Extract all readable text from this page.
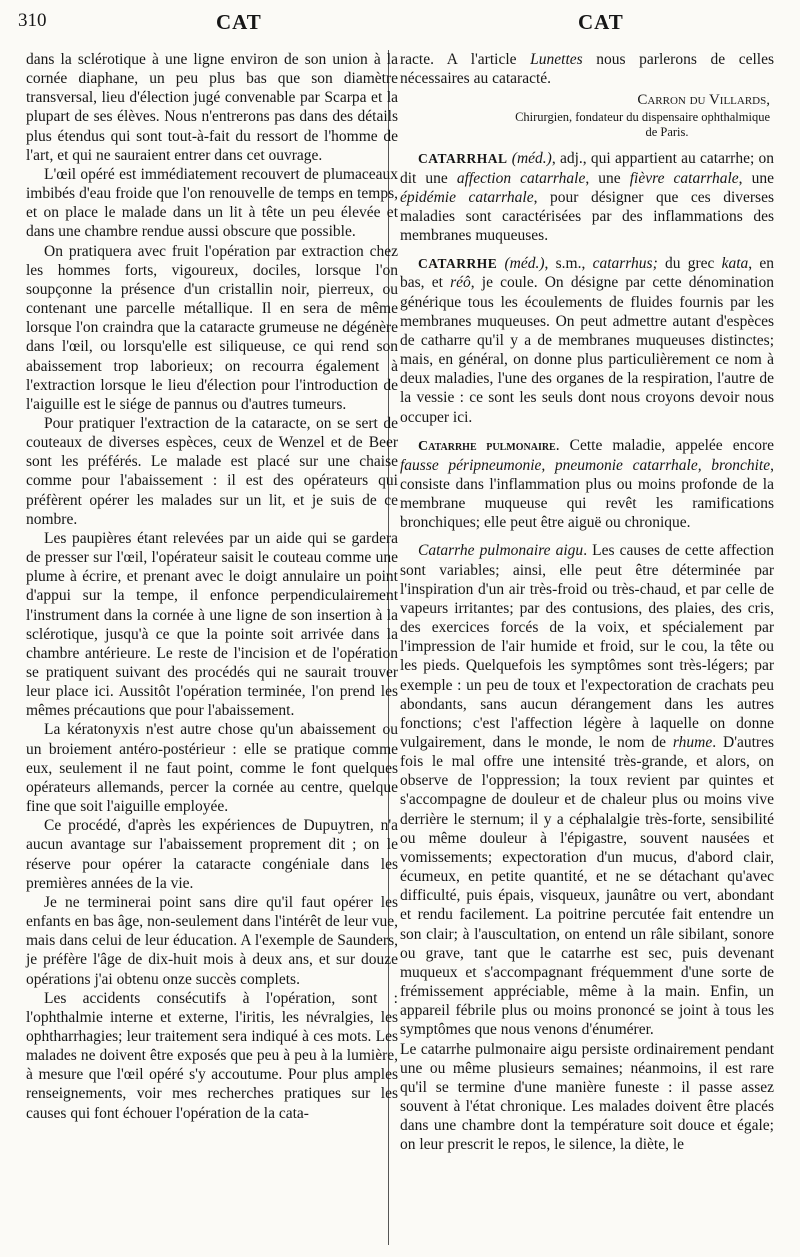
310	CAT	CAT

dans la sclérotique à une ligne environ de son union à la cornée diaphane, un peu plus bas que son diamètre transversal, lieu d'élection jugé convenable par Scarpa et la plupart de ses élèves. Nous n'entrerons pas dans des détails plus étendus qui sont tout-à-fait du ressort de l'homme de l'art, et qui ne sauraient entrer dans cet ouvrage.

L'œil opéré est immédiatement recouvert de plumaceaux imbibés d'eau froide que l'on renouvelle de temps en temps, et on place le malade dans un lit à tête un peu élevée et dans une chambre rendue aussi obscure que possible.

On pratiquera avec fruit l'opération par extraction chez les hommes forts, vigoureux, dociles, lorsque l'on soupçonne la présence d'un cristallin noir, pierreux, ou contenant une parcelle métallique. Il en sera de même lorsque l'on craindra que la cataracte grumeuse ne dégénère dans l'œil, ou lorsqu'elle est siliqueuse, ce qui rend son abaissement trop laborieux; on recourra également à l'extraction lorsque le lieu d'élection pour l'introduction de l'aiguille est le siége de pannus ou d'autres tumeurs.

Pour pratiquer l'extraction de la cataracte, on se sert de couteaux de diverses espèces, ceux de Wenzel et de Beer sont les préférés. Le malade est placé sur une chaise comme pour l'abaissement : il est des opérateurs qui préfèrent opérer les malades sur un lit, et je suis de ce nombre.

Les paupières étant relevées par un aide qui se gardera de presser sur l'œil, l'opérateur saisit le couteau comme une plume à écrire, et prenant avec le doigt annulaire un point d'appui sur la tempe, il enfonce perpendiculairement l'instrument dans la cornée à une ligne de son insertion à la sclérotique, jusqu'à ce que la pointe soit arrivée dans la chambre antérieure. Le reste de l'incision et de l'opération se pratiquent suivant des procédés qui ne saurait trouver leur place ici. Aussitôt l'opération terminée, l'on prend les mêmes précautions que pour l'abaissement.

La kératonyxis n'est autre chose qu'un abaissement ou un broiement antéro-postérieur : elle se pratique comme eux, seulement il ne faut point, comme le font quelques opérateurs allemands, percer la cornée au centre, quelque fine que soit l'aiguille employée.

Ce procédé, d'après les expériences de Dupuytren, n'a aucun avantage sur l'abaissement proprement dit ; on le réserve pour opérer la cataracte congéniale dans les premières années de la vie.

Je ne terminerai point sans dire qu'il faut opérer les enfants en bas âge, non-seulement dans l'intérêt de leur vue, mais dans celui de leur éducation. A l'exemple de Saunders, je préfère l'âge de dix-huit mois à deux ans, et sur douze opérations j'ai obtenu onze succès complets.

Les accidents consécutifs à l'opération, sont : l'ophthalmie interne et externe, l'iritis, les névralgies, les ophtharrhagies; leur traitement sera indiqué à ces mots. Les malades ne doivent être exposés que peu à peu à la lumière, à mesure que l'œil opéré s'y accoutume. Pour plus amples renseignements, voir mes recherches pratiques sur les causes qui font échouer l'opération de la cata-

racte. A l'article Lunettes nous parlerons de celles nécessaires au cataracté.

Carron du Villards,

Chirurgien, fondateur du dispensaire ophthalmique

de Paris.

CATARRHAL (méd.), adj., qui appartient au catarrhe; on dit une affection catarrhale, une fièvre catarrhale, une épidémie catarrhale, pour désigner que ces diverses maladies sont caractérisées par des inflammations des membranes muqueuses.

CATARRHE (méd.), s.m., catarrhus; du grec kata, en bas, et réô, je coule. On désigne par cette dénomination générique tous les écoulements de fluides fournis par les membranes muqueuses. On peut admettre autant d'espèces de catharre qu'il y a de membranes muqueuses distinctes; mais, en général, on donne plus particulièrement ce nom à deux maladies, l'une des organes de la respiration, l'autre de la vessie : ce sont les seuls dont nous croyons devoir nous occuper ici.

Catarrhe pulmonaire. Cette maladie, appelée encore fausse péripneumonie, pneumonie catarrhale, bronchite, consiste dans l'inflammation plus ou moins profonde de la membrane muqueuse qui revêt les ramifications bronchiques; elle peut être aiguë ou chronique.

Catarrhe pulmonaire aigu. Les causes de cette affection sont variables; ainsi, elle peut être déterminée par l'inspiration d'un air très-froid ou très-chaud, et par celle de vapeurs irritantes; par des contusions, des plaies, des cris, des exercices forcés de la voix, et spécialement par l'impression de l'air humide et froid, sur le cou, la tête ou les pieds. Quelquefois les symptômes sont très-légers; par exemple : un peu de toux et l'expectoration de crachats peu abondants, sans aucun dérangement dans les autres fonctions; c'est l'affection légère à laquelle on donne vulgairement, dans le monde, le nom de rhume. D'autres fois le mal offre une intensité très-grande, et alors, on observe de l'oppression; la toux revient par quintes et s'accompagne de douleur et de chaleur plus ou moins vive derrière le sternum; il y a céphalalgie très-forte, sensibilité ou même douleur à l'épigastre, souvent nausées et vomissements; expectoration d'un mucus, d'abord clair, écumeux, en petite quantité, et ne se détachant qu'avec difficulté, puis épais, visqueux, jaunâtre ou vert, abondant et rendu facilement. La poitrine percutée fait entendre un son clair; à l'auscultation, on entend un râle sibilant, sonore ou grave, tant que le catarrhe est sec, puis devenant muqueux et s'accompagnant fréquemment d'une sorte de frémissement appréciable, même à la main. Enfin, un appareil fébrile plus ou moins prononcé se joint à tous les symptômes que nous venons d'énumérer.

Le catarrhe pulmonaire aigu persiste ordinairement pendant une ou même plusieurs semaines; néanmoins, il est rare qu'il se termine d'une manière funeste : il passe assez souvent à l'état chronique. Les malades doivent être placés dans une chambre dont la température soit douce et égale; on leur prescrit le repos, le silence, la diète, le
